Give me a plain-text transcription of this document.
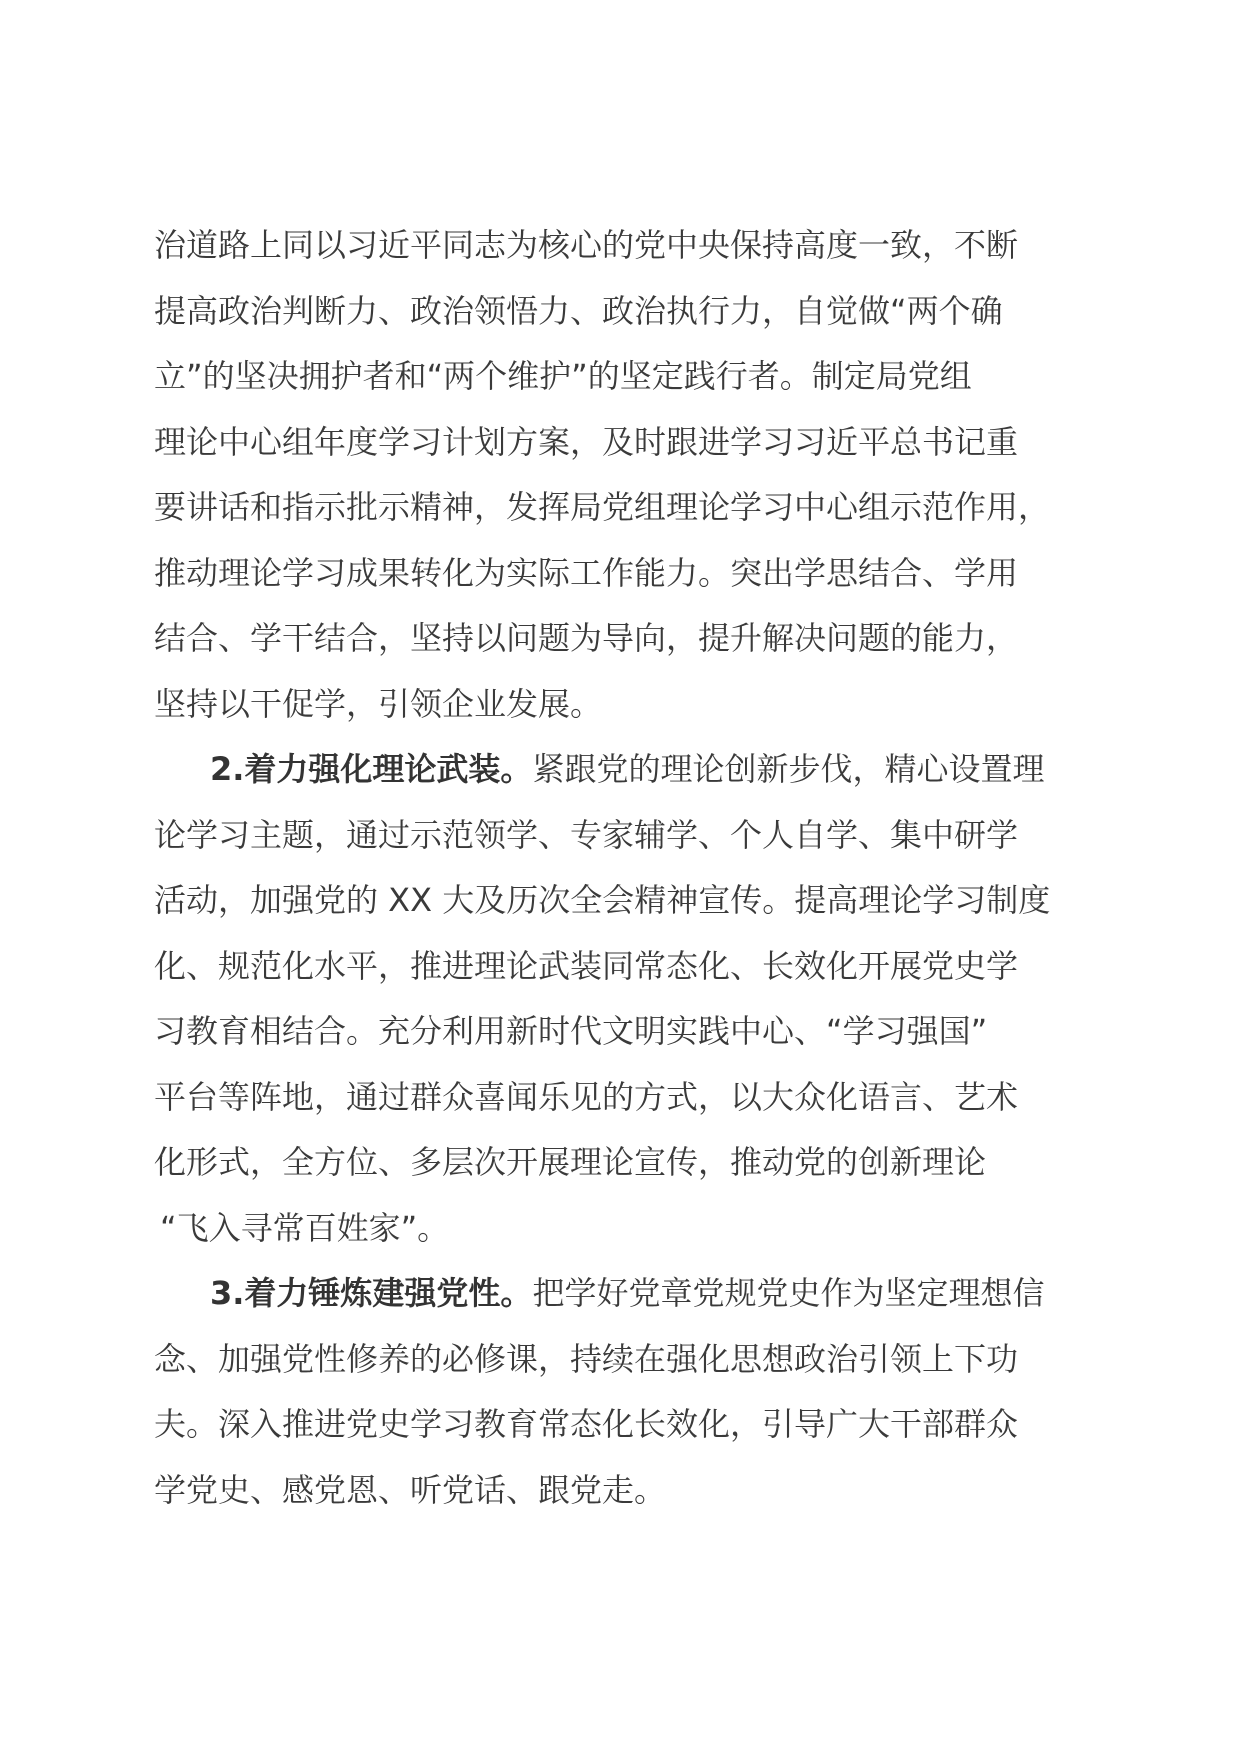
治道路上同以习近平同志为核心的党中央保持高度一致，不断
提高政治判断力、政治领悟力、政治执行力，自觉做“两个确
立”的坚决拥护者和“两个维护”的坚定践行者。制定局党组
理论中心组年度学习计划方案，及时跟进学习习近平总书记重
要讲话和指示批示精神，发挥局党组理论学习中心组示范作用，
推动理论学习成果转化为实际工作能力。突出学思结合、学用
结合、学干结合，坚持以问题为导向，提升解决问题的能力，
坚持以干促学，引领企业发展。
2.着力强化理论武装。紧跟党的理论创新步伐，精心设置理
论学习主题，通过示范领学、专家辅学、个人自学、集中研学
活动，加强党的 XX 大及历次全会精神宣传。提高理论学习制度
化、规范化水平，推进理论武装同常态化、长效化开展党史学
习教育相结合。充分利用新时代文明实践中心、“学习强国”
平台等阵地，通过群众喜闻乐见的方式，以大众化语言、艺术
化形式，全方位、多层次开展理论宣传，推动党的创新理论
“飞入寻常百姓家”。
3.着力锤炼建强党性。把学好党章党规党史作为坚定理想信
念、加强党性修养的必修课，持续在强化思想政治引领上下功
夫。深入推进党史学习教育常态化长效化，引导广大干部群众
学党史、感党恩、听党话、跟党走。
